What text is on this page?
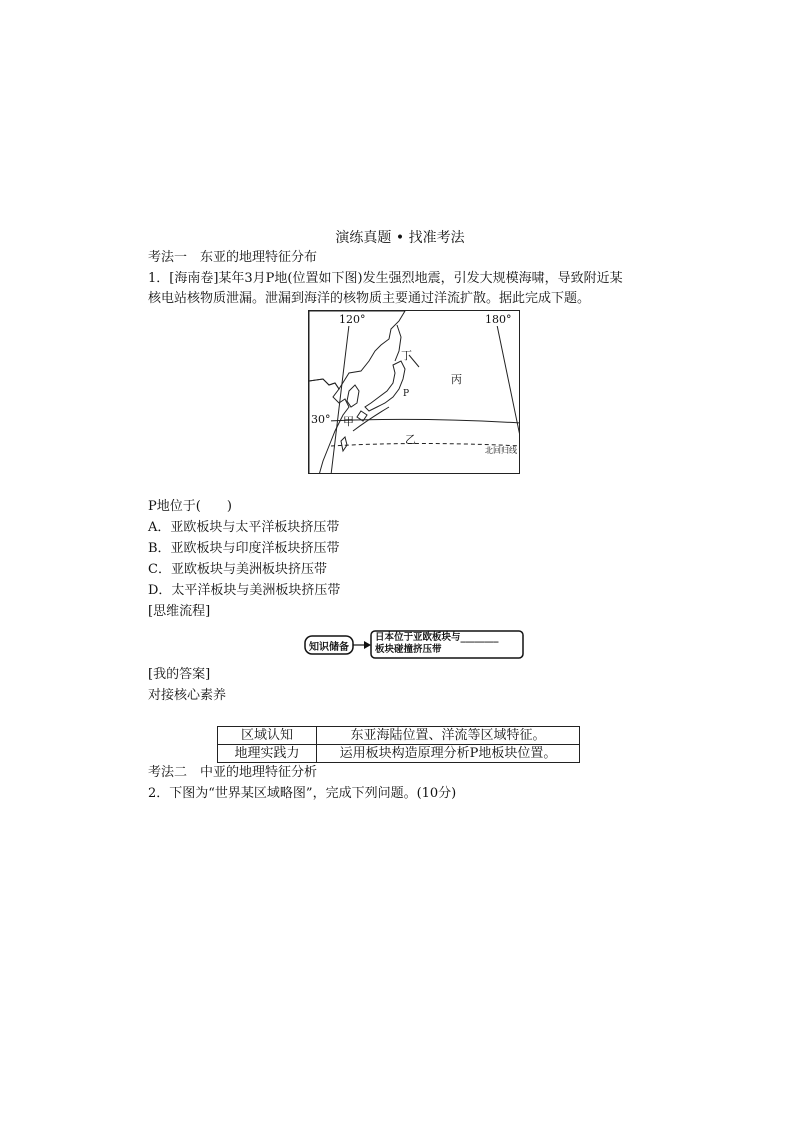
演练真题 • 找准考法
考法一　东亚的地理特征分布
1．[海南卷]某年3月P地(位置如下图)发生强烈地震，引发大规模海啸，导致附近某
核电站核物质泄漏。泄漏到海洋的核物质主要通过洋流扩散。据此完成下题。
120°	180°
30°
丁
丙
P
甲
乙
北回归线
P地位于(　　)
A．亚欧板块与太平洋板块挤压带
B．亚欧板块与印度洋板块挤压带
C．亚欧板块与美洲板块挤压带
D．太平洋板块与美洲板块挤压带
[思维流程]
知识储备
日本位于亚欧板块与________
板块碰撞挤压带
[我的答案]
对接核心素养
区域认知	东亚海陆位置、洋流等区域特征。
地理实践力	运用板块构造原理分析P地板块位置。
考法二　中亚的地理特征分析
2．下图为“世界某区域略图”，完成下列问题。(10分)
